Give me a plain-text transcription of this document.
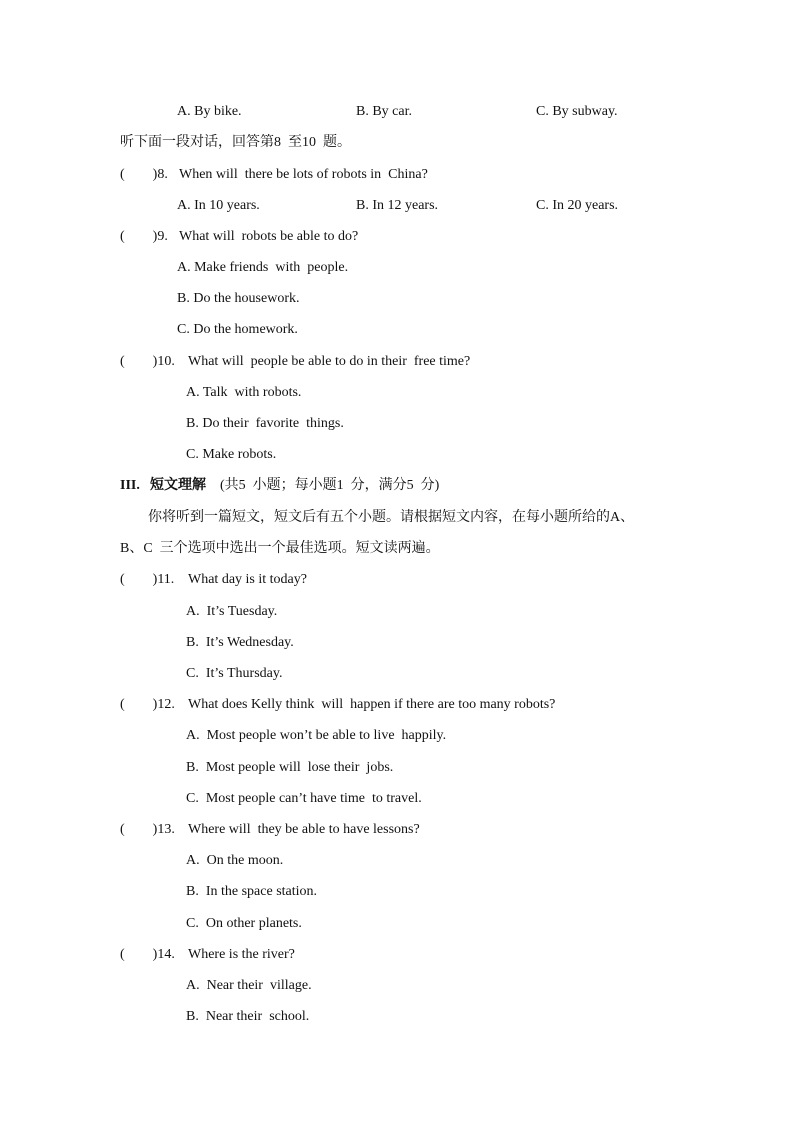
A. By bike.	B. By car.	C. By subway.
听下面一段对话，回答第8  至10  题。
(        )8. When will  there be lots of robots in  China?
A. In 10 years.	B. In 12 years.	C. In 20 years.
(        )9. What will  robots be able to do?
A. Make friends  with  people.
B. Do the housework.
C. Do the homework.
(        )10. What will  people be able to do in their  free time?
A. Talk  with robots.
B. Do their  favorite  things.
C. Make robots.
III. 短文理解 (共5  小题；每小题1  分，满分5  分)
你将听到一篇短文，短文后有五个小题。请根据短文内容，在每小题所给的A、
B、C  三个选项中选出一个最佳选项。短文读两遍。
(        )11. What day is it today?
A.  It’s Tuesday.
B.  It’s Wednesday.
C.  It’s Thursday.
(        )12. What does Kelly think  will  happen if there are too many robots?
A.  Most people won’t be able to live  happily.
B.  Most people will  lose their  jobs.
C.  Most people can’t have time  to travel.
(        )13. Where will  they be able to have lessons?
A.  On the moon.
B.  In the space station.
C.  On other planets.
(        )14. Where is the river?
A.  Near their  village.
B.  Near their  school.
